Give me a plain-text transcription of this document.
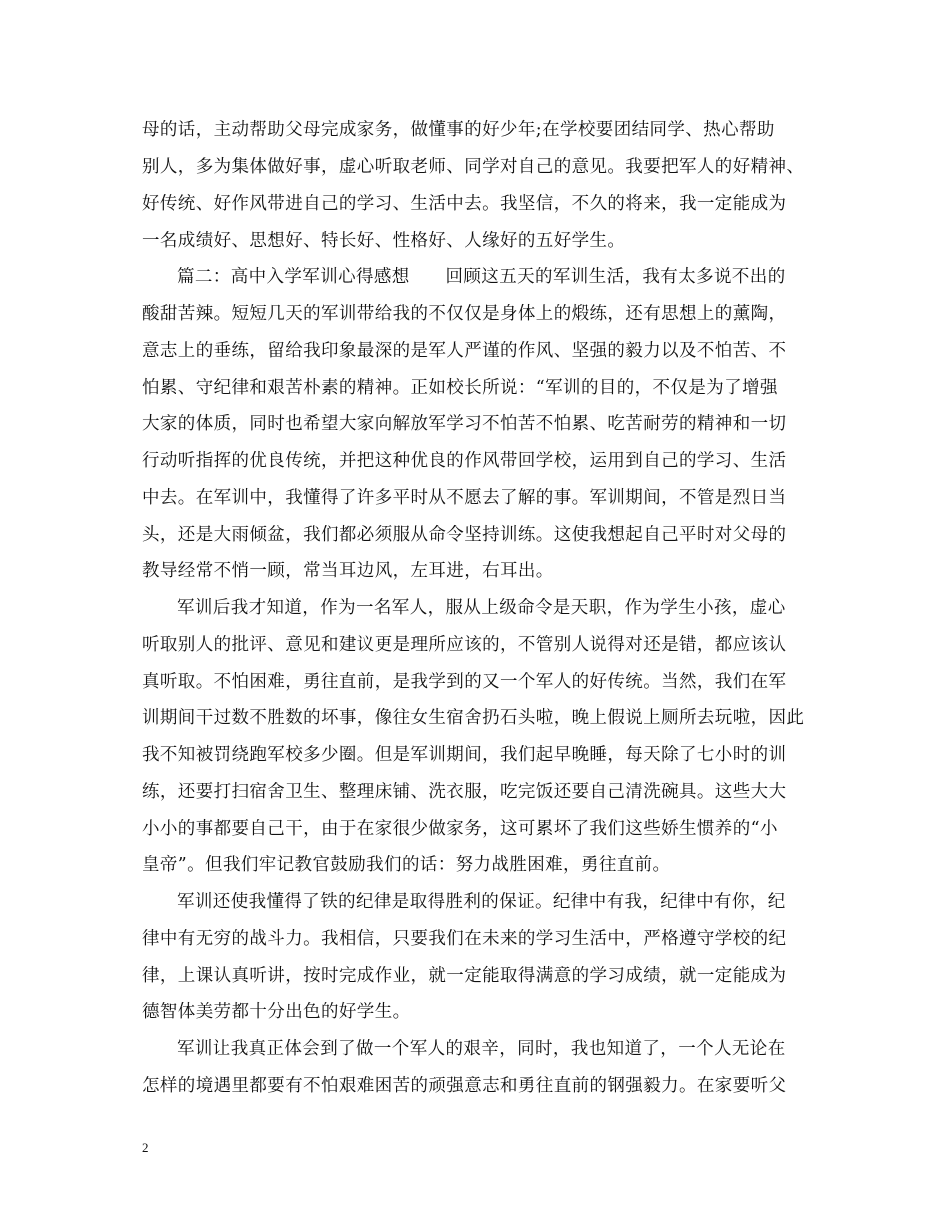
母的话，主动帮助父母完成家务，做懂事的好少年;在学校要团结同学、热心帮助
别人，多为集体做好事，虚心听取老师、同学对自己的意见。我要把军人的好精神、
好传统、好作风带进自己的学习、生活中去。我坚信，不久的将来，我一定能成为
一名成绩好、思想好、特长好、性格好、人缘好的五好学生。
篇二：高中入学军训心得感想　　回顾这五天的军训生活，我有太多说不出的
酸甜苦辣。短短几天的军训带给我的不仅仅是身体上的煅练，还有思想上的薰陶，
意志上的垂练，留给我印象最深的是军人严谨的作风、坚强的毅力以及不怕苦、不
怕累、守纪律和艰苦朴素的精神。正如校长所说：“军训的目的，不仅是为了增强
大家的体质，同时也希望大家向解放军学习不怕苦不怕累、吃苦耐劳的精神和一切
行动听指挥的优良传统，并把这种优良的作风带回学校，运用到自己的学习、生活
中去。在军训中，我懂得了许多平时从不愿去了解的事。军训期间，不管是烈日当
头，还是大雨倾盆，我们都必须服从命令坚持训练。这使我想起自己平时对父母的
教导经常不悄一顾，常当耳边风，左耳进，右耳出。
军训后我才知道，作为一名军人，服从上级命令是天职，作为学生小孩，虚心
听取别人的批评、意见和建议更是理所应该的，不管别人说得对还是错，都应该认
真听取。不怕困难，勇往直前，是我学到的又一个军人的好传统。当然，我们在军
训期间干过数不胜数的坏事，像往女生宿舍扔石头啦，晚上假说上厕所去玩啦，因此
我不知被罚绕跑军校多少圈。但是军训期间，我们起早晚睡，每天除了七小时的训
练，还要打扫宿舍卫生、整理床铺、洗衣服，吃完饭还要自己清洗碗具。这些大大
小小的事都要自己干，由于在家很少做家务，这可累坏了我们这些娇生惯养的“小
皇帝”。但我们牢记教官鼓励我们的话：努力战胜困难，勇往直前。
军训还使我懂得了铁的纪律是取得胜利的保证。纪律中有我，纪律中有你，纪
律中有无穷的战斗力。我相信，只要我们在未来的学习生活中，严格遵守学校的纪
律，上课认真听讲，按时完成作业，就一定能取得满意的学习成绩，就一定能成为
德智体美劳都十分出色的好学生。
军训让我真正体会到了做一个军人的艰辛，同时，我也知道了，一个人无论在
怎样的境遇里都要有不怕艰难困苦的顽强意志和勇往直前的钢强毅力。在家要听父
2
